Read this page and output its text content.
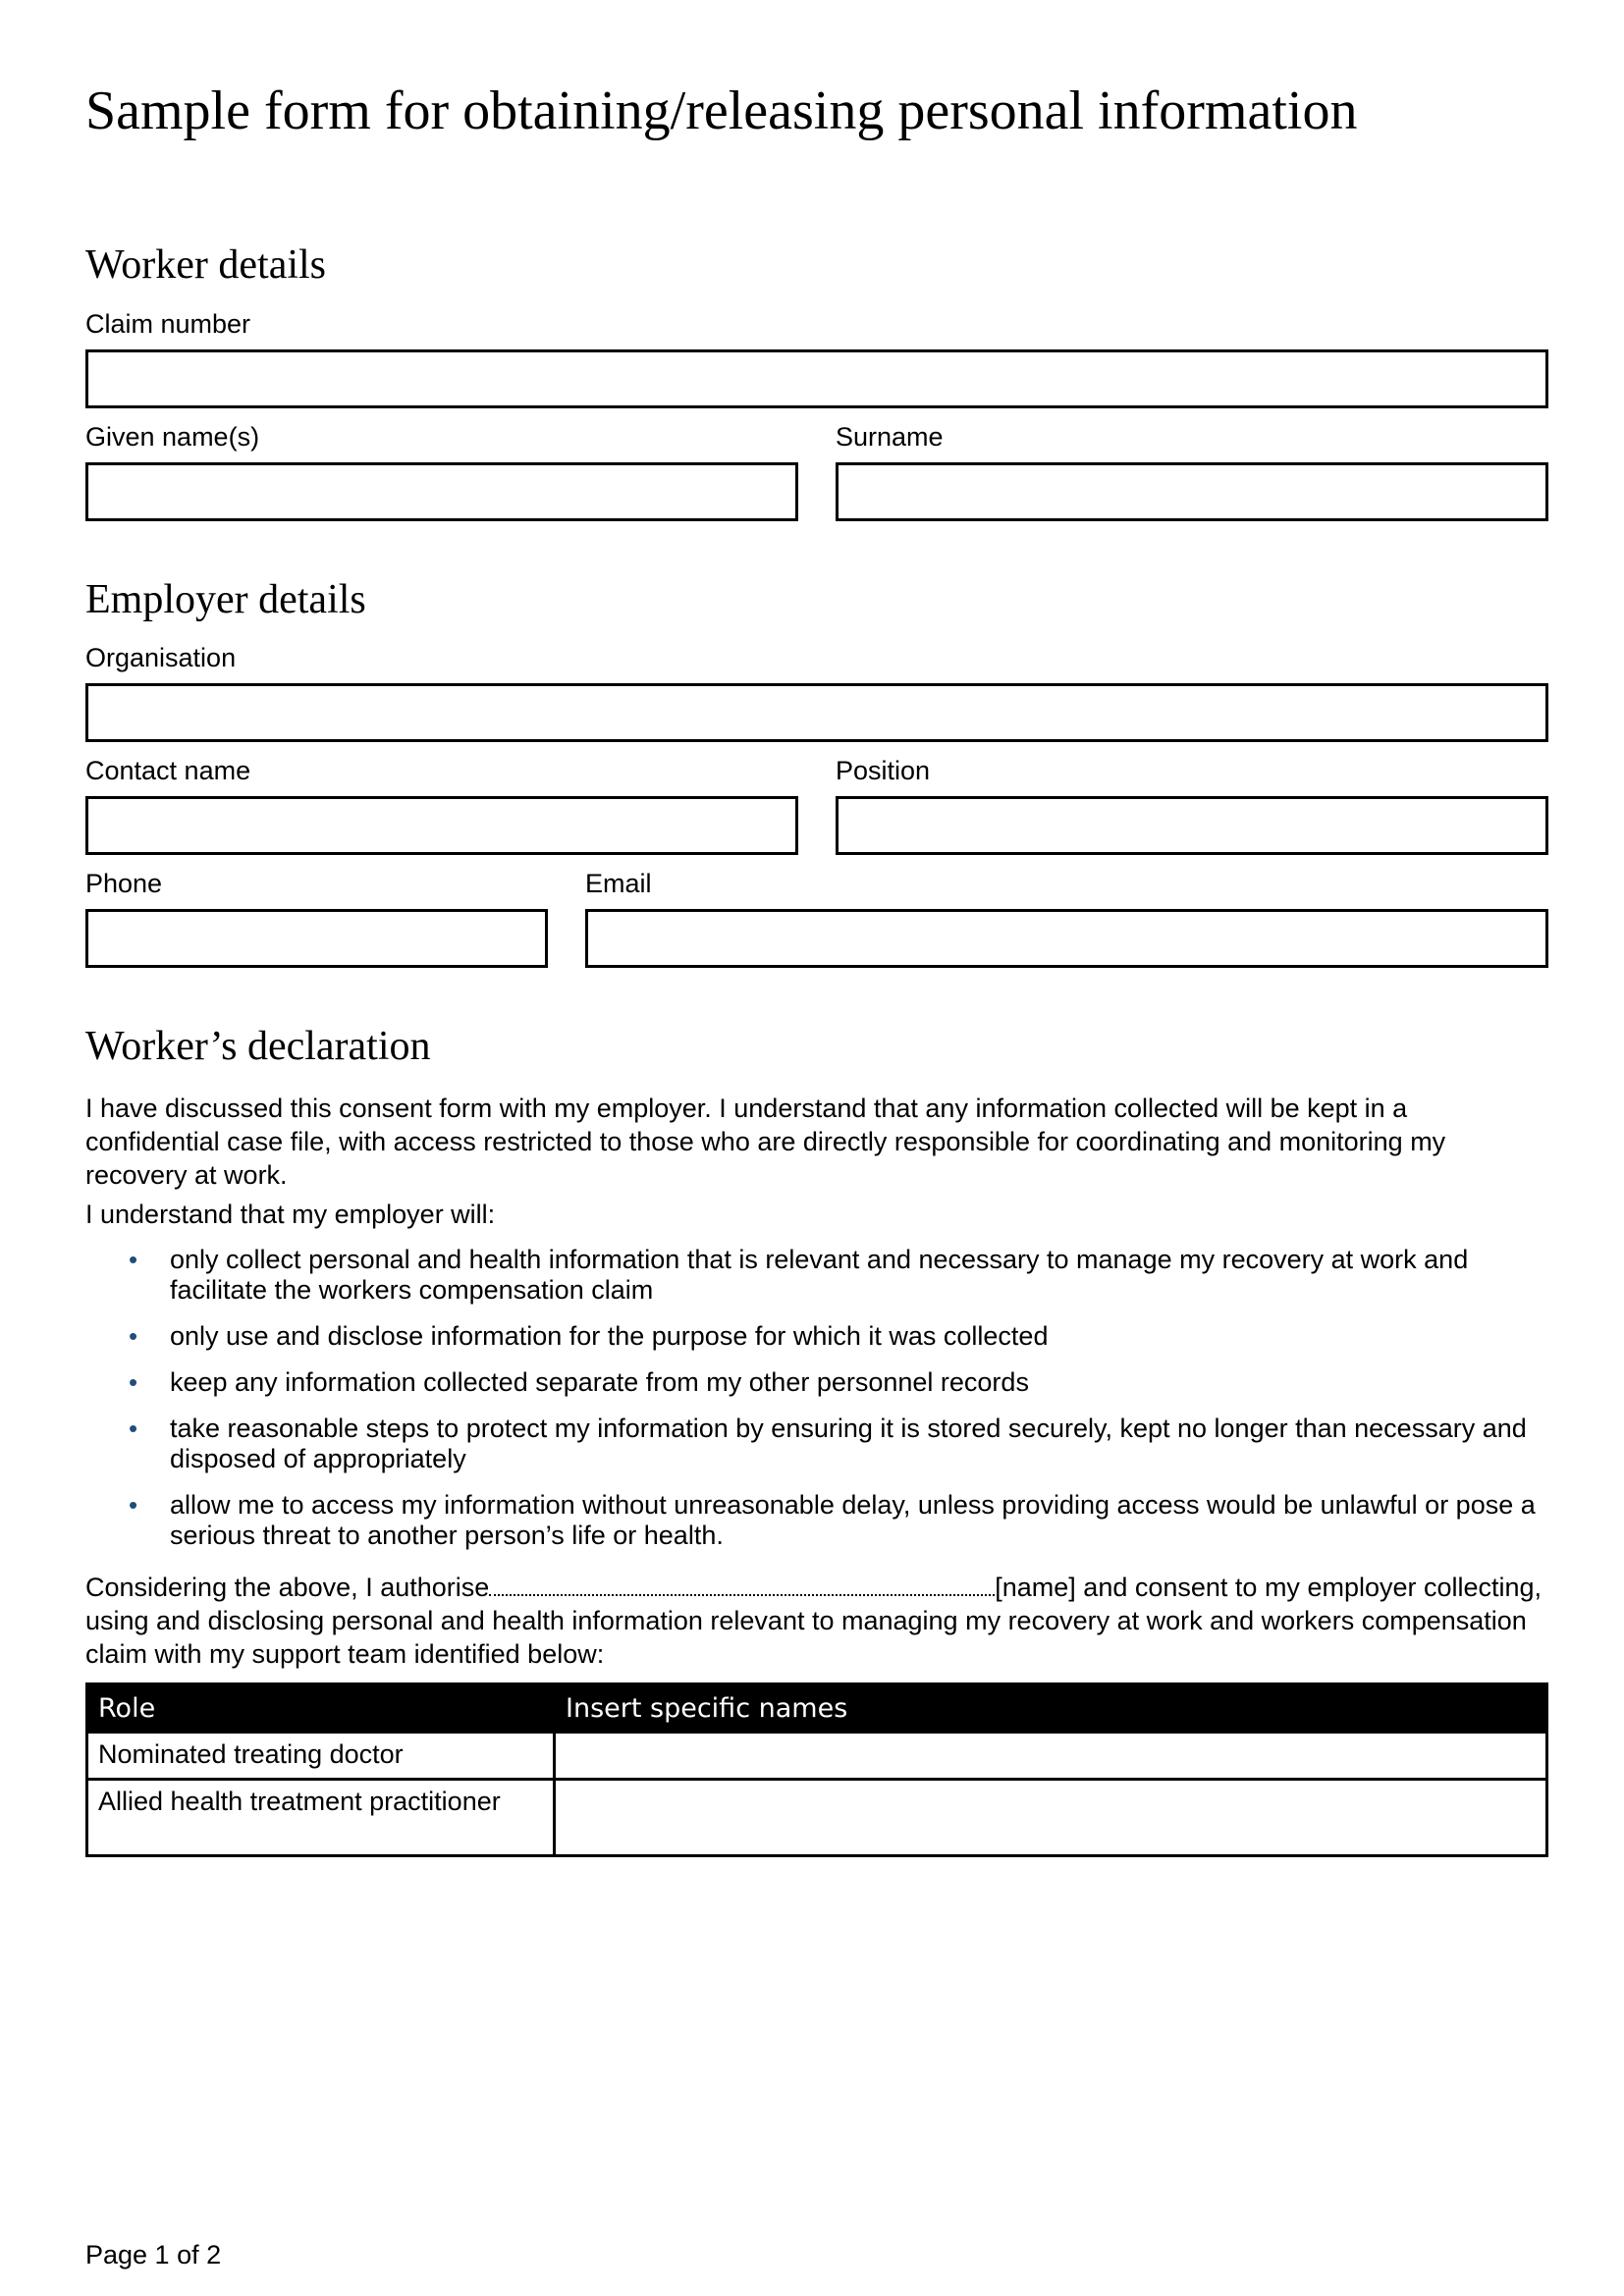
Sample form for obtaining/releasing personal information
Worker details
Claim number
Given name(s)	Surname
Employer details
Organisation
Contact name	Position
Phone	Email
Worker’s declaration

I have discussed this consent form with my employer. I understand that any information collected will be kept in a confidential case file, with access restricted to those who are directly responsible for coordinating and monitoring my recovery at work.

I understand that my employer will:

• only collect personal and health information that is relevant and necessary to manage my recovery at work and facilitate the workers compensation claim
• only use and disclose information for the purpose for which it was collected
• keep any information collected separate from my other personnel records
• take reasonable steps to protect my information by ensuring it is stored securely, kept no longer than necessary and disposed of appropriately
• allow me to access my information without unreasonable delay, unless providing access would be unlawful or pose a serious threat to another person’s life or health.

Considering the above, I authorise	[name] and consent to my employer collecting, using and disclosing personal and health information relevant to managing my recovery at work and workers compensation claim with my support team identified below:

Role	Insert specific names
Nominated treating doctor	
Allied health treatment practitioner	
Page 1 of 2
